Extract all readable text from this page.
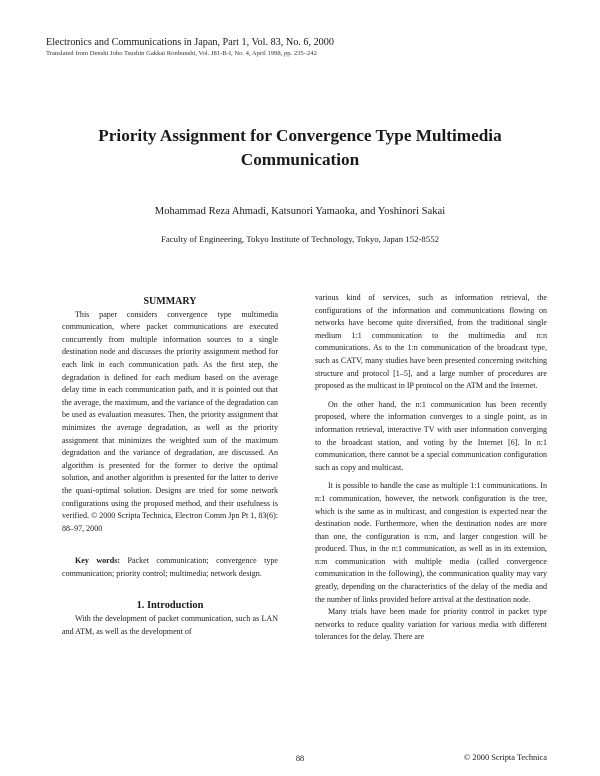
Electronics and Communications in Japan, Part 1, Vol. 83, No. 6, 2000
Translated from Denshi Joho Tsushin Gakkai Ronbunshi, Vol. J81-B-I, No. 4, April 1998, pp. 235–242
Priority Assignment for Convergence Type Multimedia Communication
Mohammad Reza Ahmadi, Katsunori Yamaoka, and Yoshinori Sakai
Faculty of Engineering, Tokyo Institute of Technology, Tokyo, Japan 152-8552

SUMMARY

This paper considers convergence type multimedia communication, where packet communications are executed concurrently from multiple information sources to a single destination node and discusses the priority assignment method for each link in each communication path. As the first step, the degradation is defined for each medium based on the average delay time in each communication path, and it is pointed out that the average, the maximum, and the variance of the degradation can be used as evaluation measures. Then, the priority assignment that minimizes the average degradation, as well as the priority assignment that minimizes the weighted sum of the maximum degradation and the variance of degradation, are discussed. An algorithm is presented for the former to derive the optimal solution, and another algorithm is presented for the latter to derive the quasi-optimal solution. Designs are tried for some network configurations using the proposed method, and their usefulness is verified. © 2000 Scripta Technica, Electron Comm Jpn Pt 1, 83(6): 88–97, 2000

Key words: Packet communication; convergence type communication; priority control; multimedia; network design.

1. Introduction

With the development of packet communication, such as LAN and ATM, as well as the development of

various kind of services, such as information retrieval, the configurations of the information and communications flowing on networks have become quite diversified, from the traditional single medium 1:1 communication to the multimedia and n:n communications. As to the 1:n communication of the broadcast type, such as CATV, many studies have been presented concerning switching structure and protocol [1–5], and a large number of procedures are proposed as the multicast in IP protocol on the ATM and the Internet.

On the other hand, the n:1 communication has been recently proposed, where the information converges to a single point, as in information retrieval, interactive TV with user information converging to the broadcast station, and voting by the Internet [6]. In n:1 communication, there cannot be a special communication configuration such as copy and multicast.

It is possible to handle the case as multiple 1:1 communications. In n:1 communication, however, the network configuration is the tree, which is the same as in multicast, and congestion is expected near the destination node. Furthermore, when the destination nodes are more than one, the configuration is n:m, and larger congestion will be produced. Thus, in the n:1 communication, as well as in its extension, n:m communication with multiple media (called convergence communication in the following), the communication quality may vary greatly, depending on the characteristics of the delay of the media and the number of links provided before arrival at the destination node.

Many trials have been made for priority control in packet type networks to reduce quality variation for various media with different tolerances for the delay. There are

© 2000 Scripta Technica
88
